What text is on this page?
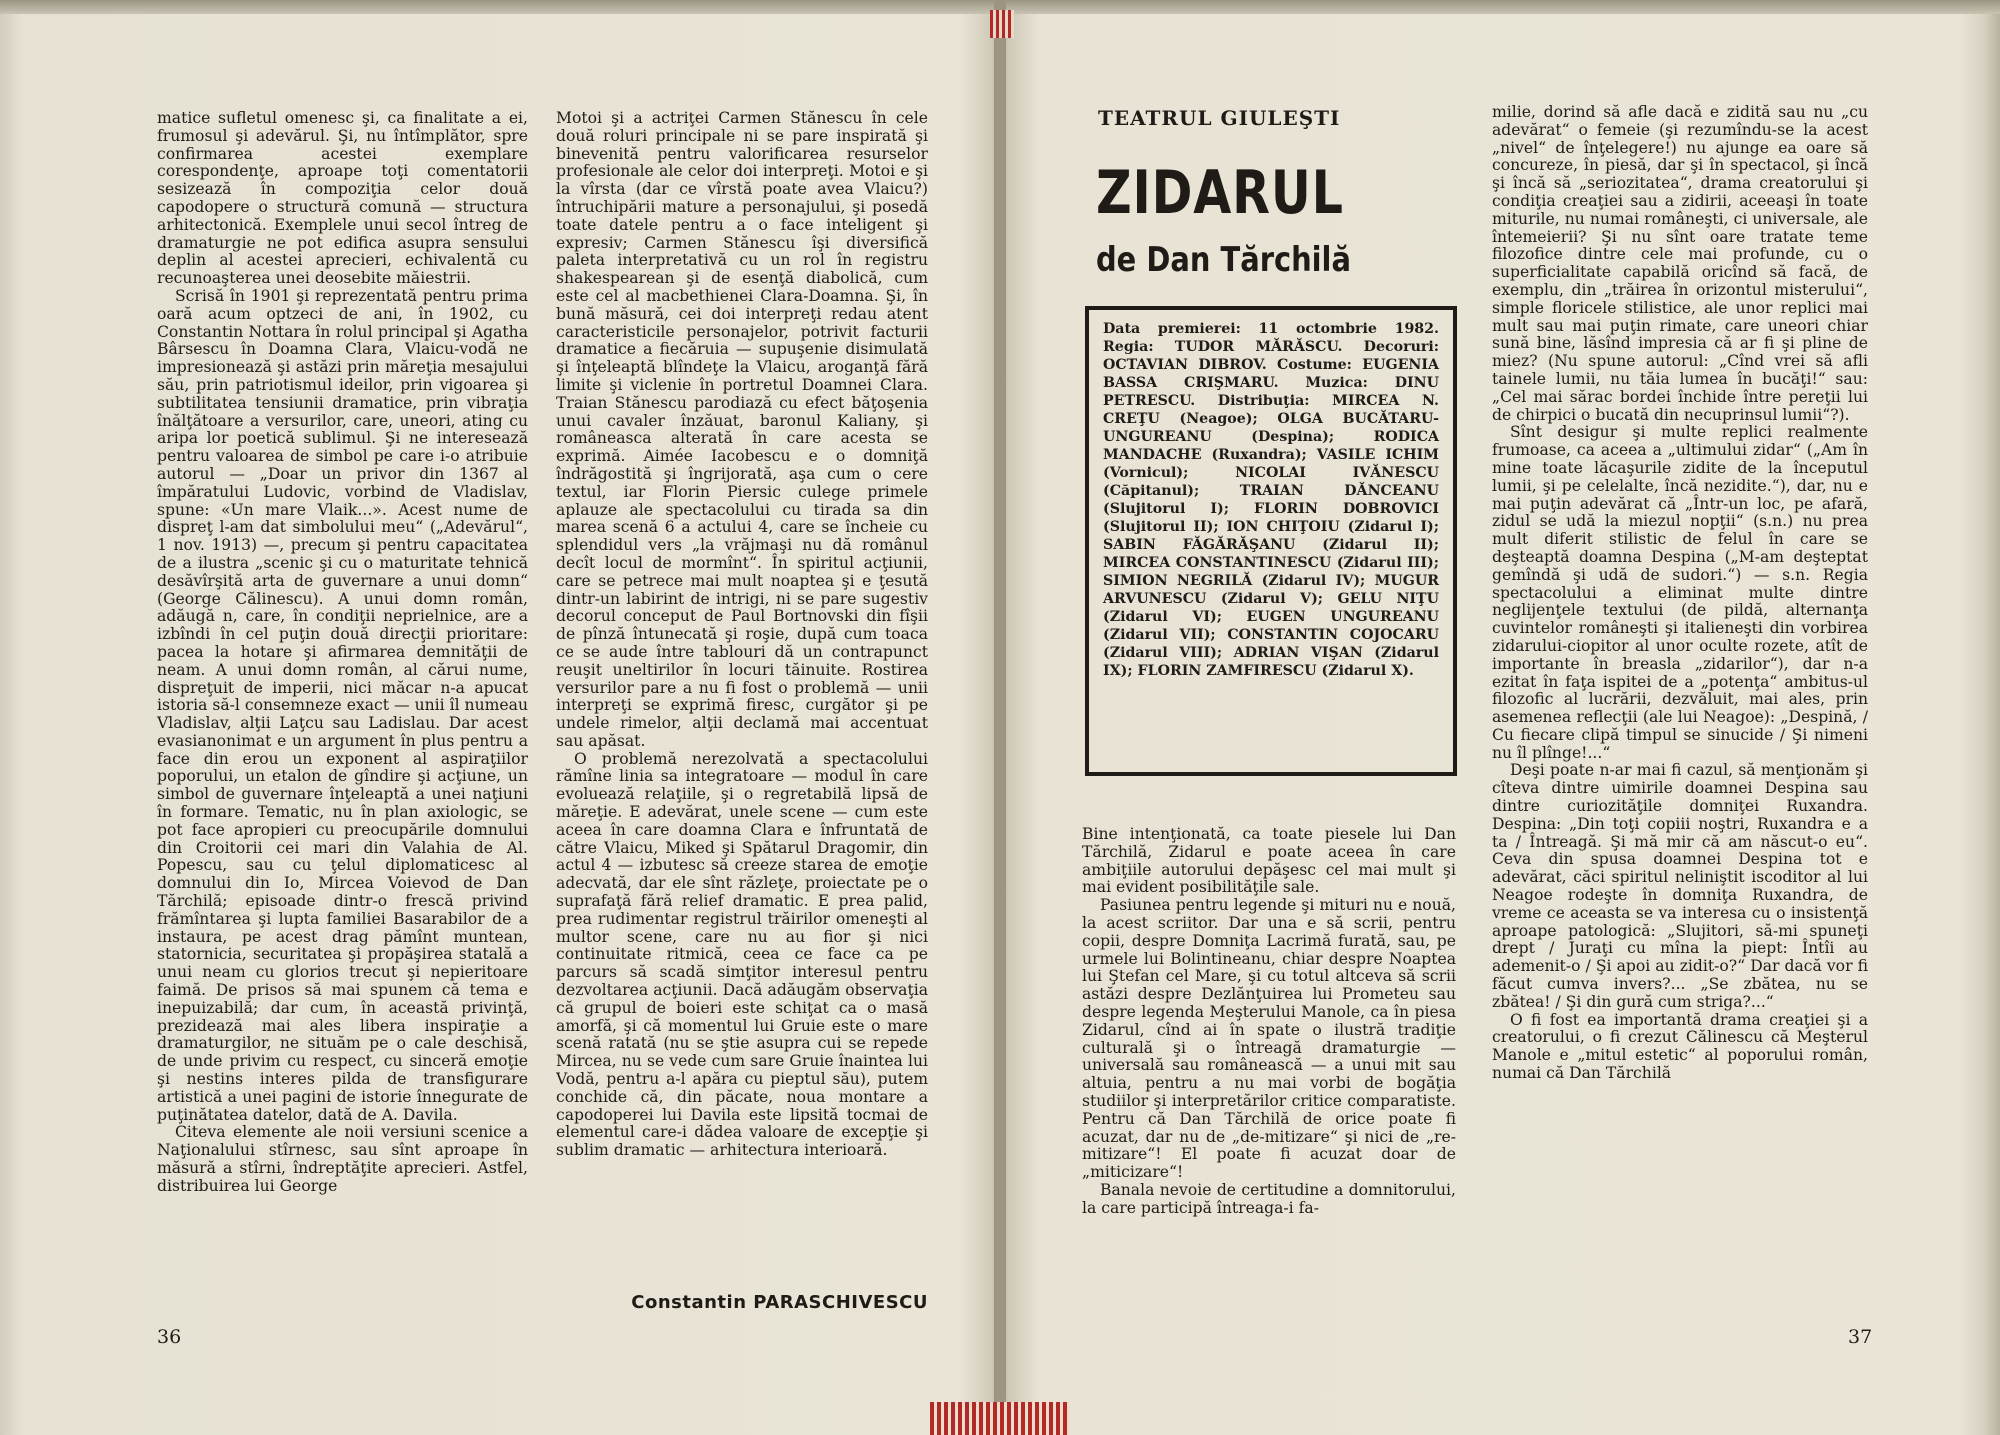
matice sufletul omenesc şi, ca finalitate a ei, frumosul şi adevărul. Şi, nu întîmplător, spre confirmarea acestei exemplare corespondenţe, aproape toţi comentatorii sesizează în compoziţia celor două capodopere o structură comună — structura arhitectonică. Exemplele unui secol întreg de dramaturgie ne pot edifica asupra sensului deplin al acestei aprecieri, echivalentă cu recunoaşterea unei deosebite măiestrii.

Scrisă în 1901 şi reprezentată pentru prima oară acum optzeci de ani, în 1902, cu Constantin Nottara în rolul principal şi Agatha Bârsescu în Doamna Clara, Vlaicu-vodă ne impresionează şi astăzi prin măreţia mesajului său, prin patriotismul ideilor, prin vigoarea şi subtilitatea tensiunii dramatice, prin vibraţia înălţătoare a versurilor, care, uneori, ating cu aripa lor poetică sublimul. Şi ne interesează pentru valoarea de simbol pe care i-o atribuie autorul — „Doar un privor din 1367 al împăratului Ludovic, vorbind de Vladislav, spune: «Un mare Vlaik...». Acest nume de dispreţ l-am dat simbolului meu“ („Adevărul“, 1 nov. 1913) —, precum şi pentru capacitatea de a ilustra „scenic şi cu o maturitate tehnică desăvîrşită arta de guvernare a unui domn“ (George Călinescu). A unui domn român, adăugă n, care, în condiţii neprielnice, are a izbîndi în cel puţin două direcţii prioritare: pacea la hotare şi afirmarea demnităţii de neam. A unui domn român, al cărui nume, dispreţuit de imperii, nici măcar n-a apucat istoria să-l consemneze exact — unii îl numeau Vladislav, alţii Laţcu sau Ladislau. Dar acest evasianonimat e un argument în plus pentru a face din erou un exponent al aspiraţiilor poporului, un etalon de gîndire şi acţiune, un simbol de guvernare înţeleaptă a unei naţiuni în formare. Tematic, nu în plan axiologic, se pot face apropieri cu preocupările domnului din Croitorii cei mari din Valahia de Al. Popescu, sau cu ţelul diplomaticesc al domnului din Io, Mircea Voievod de Dan Tărchilă; episoade dintr-o frescă privind frămîntarea şi lupta familiei Basarabilor de a instaura, pe acest drag pămînt muntean, statornicia, securitatea şi propăşirea statală a unui neam cu glorios trecut şi nepieritoare faimă. De prisos să mai spunem că tema e inepuizabilă; dar cum, în această privinţă, prezidează mai ales libera inspiraţie a dramaturgilor, ne situăm pe o cale deschisă, de unde privim cu respect, cu sinceră emoţie şi nestins interes pilda de transfigurare artistică a unei pagini de istorie înnegurate de puţinătatea datelor, dată de A. Davila.

Citeva elemente ale noii versiuni scenice a Naţionalului stîrnesc, sau sînt aproape în măsură a stîrni, îndreptăţite aprecieri. Astfel, distribuirea lui George

Motoi şi a actriţei Carmen Stănescu în cele două roluri principale ni se pare inspirată şi binevenită pentru valorificarea resurselor profesionale ale celor doi interpreţi. Motoi e şi la vîrsta (dar ce vîrstă poate avea Vlaicu?) întruchipării mature a personajului, şi posedă toate datele pentru a o face inteligent şi expresiv; Carmen Stănescu îşi diversifică paleta interpretativă cu un rol în registru shakespearean şi de esenţă diabolică, cum este cel al macbethienei Clara-Doamna. Şi, în bună măsură, cei doi interpreţi redau atent caracteristicile personajelor, potrivit facturii dramatice a fiecăruia — supuşenie disimulată şi înţeleaptă blîndeţe la Vlaicu, aroganţă fără limite şi viclenie în portretul Doamnei Clara. Traian Stănescu parodiază cu efect băţoşenia unui cavaler înzăuat, baronul Kaliany, şi româneasca alterată în care acesta se exprimă. Aimée Iacobescu e o domniţă îndrăgostită şi îngrijorată, aşa cum o cere textul, iar Florin Piersic culege primele aplauze ale spectacolului cu tirada sa din marea scenă 6 a actului 4, care se încheie cu splendidul vers „la vrăjmaşi nu dă românul decît locul de mormînt“. În spiritul acţiunii, care se petrece mai mult noaptea şi e ţesută dintr-un labirint de intrigi, ni se pare sugestiv decorul conceput de Paul Bortnovski din fîşii de pînză întunecată şi roşie, după cum toaca ce se aude între tablouri dă un contrapunct reuşit uneltirilor în locuri tăinuite. Rostirea versurilor pare a nu fi fost o problemă — unii interpreţi se exprimă firesc, curgător şi pe undele rimelor, alţii declamă mai accentuat sau apăsat.

O problemă nerezolvată a spectacolului rămîne linia sa integratoare — modul în care evoluează relaţiile, şi o regretabilă lipsă de măreţie. E adevărat, unele scene — cum este aceea în care doamna Clara e înfruntată de către Vlaicu, Miked şi Spătarul Dragomir, din actul 4 — izbutesc să creeze starea de emoţie adecvată, dar ele sînt răzleţe, proiectate pe o suprafaţă fără relief dramatic. E prea palid, prea rudimentar registrul trăirilor omeneşti al multor scene, care nu au fior şi nici continuitate ritmică, ceea ce face ca pe parcurs să scadă simţitor interesul pentru dezvoltarea acţiunii. Dacă adăugăm observaţia că grupul de boieri este schiţat ca o masă amorfă, şi că momentul lui Gruie este o mare scenă ratată (nu se ştie asupra cui se repede Mircea, nu se vede cum sare Gruie înaintea lui Vodă, pentru a-l apăra cu pieptul său), putem conchide că, din păcate, noua montare a capodoperei lui Davila este lipsită tocmai de elementul care-i dădea valoare de excepţie şi sublim dramatic — arhitectura interioară.

Constantin PARASCHIVESCU
36
TEATRUL GIULEŞTI
ZIDARUL
de Dan Tărchilă
Data premierei: 11 octombrie 1982. Regia: TUDOR MĂRĂSCU. Decoruri: OCTAVIAN DIBROV. Costume: EUGENIA BASSA CRIŞMARU. Muzica: DINU PETRESCU. Distribuţia: MIRCEA N. CREŢU (Neagoe); OLGA BUCĂTARU-UNGUREANU (Despina); RODICA MANDACHE (Ruxandra); VASILE ICHIM (Vornicul); NICOLAI IVĂNESCU (Căpitanul); TRAIAN DĂNCEANU (Slujitorul I); FLORIN DOBROVICI (Slujitorul II); ION CHIŢOIU (Zidarul I); SABIN FĂGĂRĂŞANU (Zidarul II); MIRCEA CONSTANTINESCU (Zidarul III); SIMION NEGRILĂ (Zidarul IV); MUGUR ARVUNESCU (Zidarul V); GELU NIŢU (Zidarul VI); EUGEN UNGUREANU (Zidarul VII); CONSTANTIN COJOCARU (Zidarul VIII); ADRIAN VIŞAN (Zidarul IX); FLORIN ZAMFIRESCU (Zidarul X).

Bine intenţionată, ca toate piesele lui Dan Tărchilă, Zidarul e poate aceea în care ambiţiile autorului depăşesc cel mai mult şi mai evident posibilităţile sale.

Pasiunea pentru legende şi mituri nu e nouă, la acest scriitor. Dar una e să scrii, pentru copii, despre Domniţa Lacrimă furată, sau, pe urmele lui Bolintineanu, chiar despre Noaptea lui Ştefan cel Mare, şi cu totul altceva să scrii astăzi despre Dezlănţuirea lui Prometeu sau despre legenda Meşterului Manole, ca în piesa Zidarul, cînd ai în spate o ilustră tradiţie culturală şi o întreagă dramaturgie — universală sau românească — a unui mit sau altuia, pentru a nu mai vorbi de bogăţia studiilor şi interpretărilor critice comparatiste. Pentru că Dan Tărchilă de orice poate fi acuzat, dar nu de „de-mitizare“ şi nici de „re-mitizare“! El poate fi acuzat doar de „miticizare“!

Banala nevoie de certitudine a domnitorului, la care participă întreaga-i fa-

milie, dorind să afle dacă e zidită sau nu „cu adevărat“ o femeie (şi rezumîndu-se la acest „nivel“ de înţelegere!) nu ajunge ea oare să concureze, în piesă, dar şi în spectacol, şi încă şi încă să „seriozitatea“, drama creatorului şi condiţia creaţiei sau a zidirii, aceeaşi în toate miturile, nu numai româneşti, ci universale, ale întemeierii? Şi nu sînt oare tratate teme filozofice dintre cele mai profunde, cu o superficialitate capabilă oricînd să facă, de exemplu, din „trăirea în orizontul misterului“, simple floricele stilistice, ale unor replici mai mult sau mai puţin rimate, care uneori chiar sună bine, lăsînd impresia că ar fi şi pline de miez? (Nu spune autorul: „Cînd vrei să afli tainele lumii, nu tăia lumea în bucăţi!“ sau: „Cel mai sărac bordei închide între pereţii lui de chirpici o bucată din necuprinsul lumii“?).

Sînt desigur şi multe replici realmente frumoase, ca aceea a „ultimului zidar“ („Am în mine toate lăcaşurile zidite de la începutul lumii, şi pe celelalte, încă nezidite.“), dar, nu e mai puţin adevărat că „Într-un loc, pe afară, zidul se udă la miezul nopţii“ (s.n.) nu prea mult diferit stilistic de felul în care se deşteaptă doamna Despina („M-am deşteptat gemîndă şi udă de sudori.“) — s.n. Regia spectacolului a eliminat multe dintre neglijenţele textului (de pildă, alternanţa cuvintelor româneşti şi italieneşti din vorbirea zidarului-ciopitor al unor oculte rozete, atît de importante în breasla „zidarilor“), dar n-a ezitat în faţa ispitei de a „potenţa“ ambitus-ul filozofic al lucrării, dezvăluit, mai ales, prin asemenea reflecţii (ale lui Neagoe): „Despină, / Cu fiecare clipă timpul se sinucide / Şi nimeni nu îl plînge!...“

Deşi poate n-ar mai fi cazul, să menţionăm şi cîteva dintre uimirile doamnei Despina sau dintre curiozităţile domniţei Ruxandra. Despina: „Din toţi copiii noştri, Ruxandra e a ta / Întreagă. Şi mă mir că am născut-o eu“. Ceva din spusa doamnei Despina tot e adevărat, căci spiritul neliniştit iscoditor al lui Neagoe rodeşte în domniţa Ruxandra, de vreme ce aceasta se va interesa cu o insistenţă aproape patologică: „Slujitori, să-mi spuneţi drept / Juraţi cu mîna la piept: Întîi au ademenit-o / Şi apoi au zidit-o?“ Dar dacă vor fi făcut cumva invers?... „Se zbătea, nu se zbătea! / Şi din gură cum striga?...“

O fi fost ea importantă drama creaţiei şi a creatorului, o fi crezut Călinescu că Meşterul Manole e „mitul estetic“ al poporului român, numai că Dan Tărchilă

37
